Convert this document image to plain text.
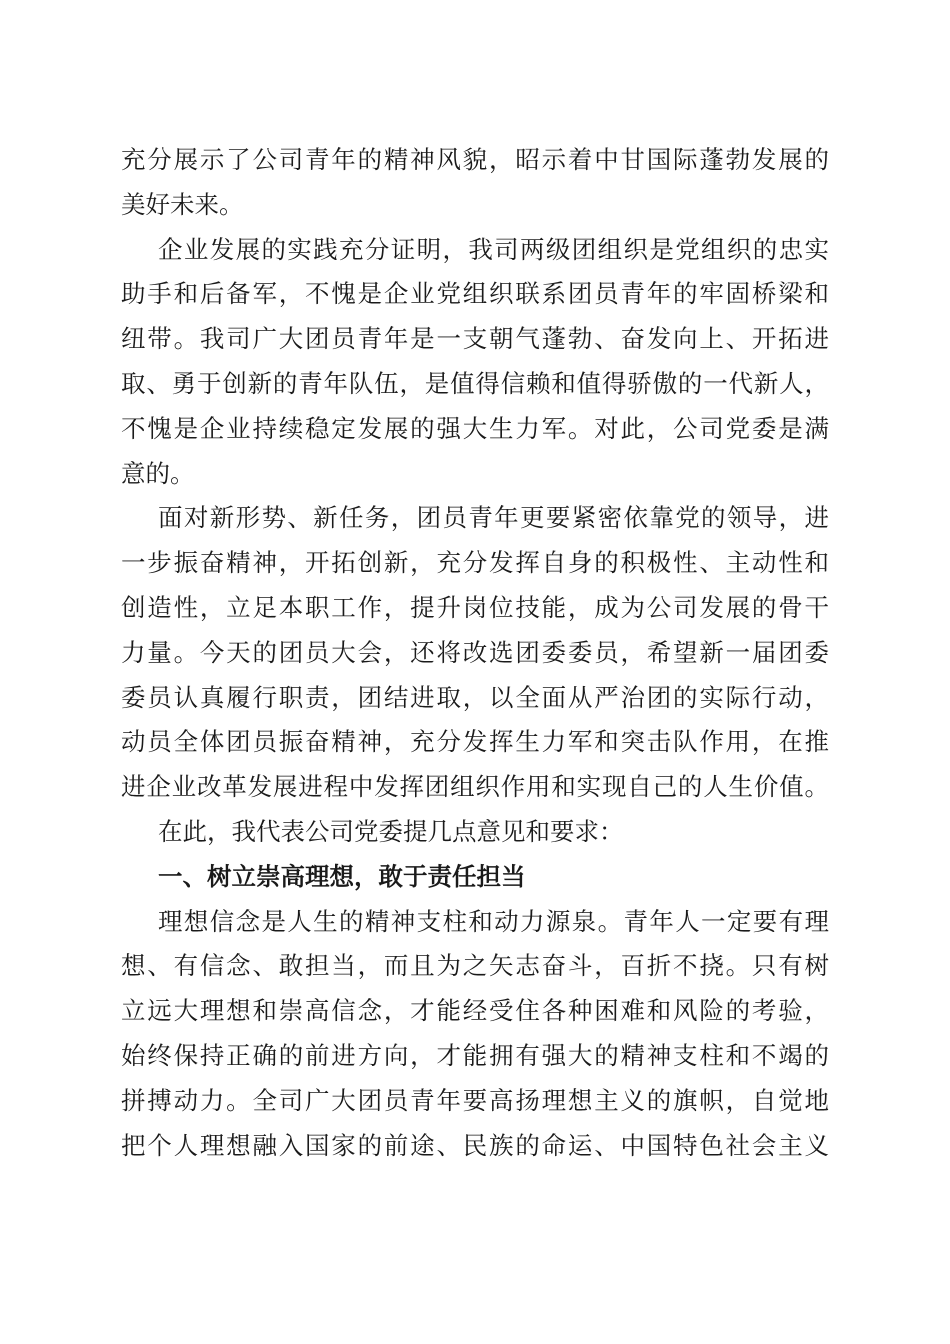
充分展示了公司青年的精神风貌，昭示着中甘国际蓬勃发展的
美好未来。
企业发展的实践充分证明，我司两级团组织是党组织的忠实
助手和后备军，不愧是企业党组织联系团员青年的牢固桥梁和
纽带。我司广大团员青年是一支朝气蓬勃、奋发向上、开拓进
取、勇于创新的青年队伍，是值得信赖和值得骄傲的一代新人，
不愧是企业持续稳定发展的强大生力军。对此，公司党委是满
意的。
面对新形势、新任务，团员青年更要紧密依靠党的领导，进
一步振奋精神，开拓创新，充分发挥自身的积极性、主动性和
创造性，立足本职工作，提升岗位技能，成为公司发展的骨干
力量。今天的团员大会，还将改选团委委员，希望新一届团委
委员认真履行职责，团结进取，以全面从严治团的实际行动，
动员全体团员振奋精神，充分发挥生力军和突击队作用，在推
进企业改革发展进程中发挥团组织作用和实现自己的人生价值。
在此，我代表公司党委提几点意见和要求：
一、树立崇高理想，敢于责任担当
理想信念是人生的精神支柱和动力源泉。青年人一定要有理
想、有信念、敢担当，而且为之矢志奋斗，百折不挠。只有树
立远大理想和崇高信念，才能经受住各种困难和风险的考验，
始终保持正确的前进方向，才能拥有强大的精神支柱和不竭的
拼搏动力。全司广大团员青年要高扬理想主义的旗帜，自觉地
把个人理想融入国家的前途、民族的命运、中国特色社会主义
